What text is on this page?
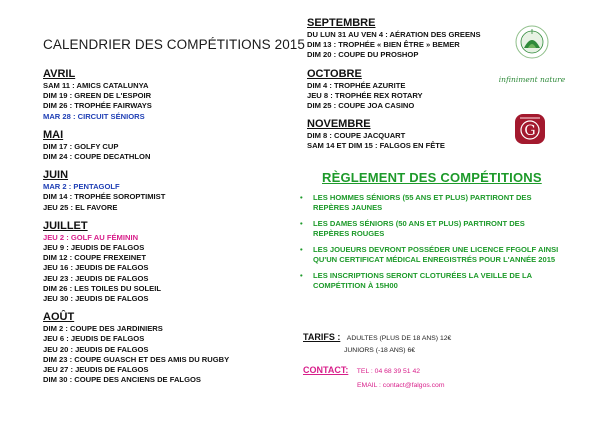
CALENDRIER DES COMPÉTITIONS 2015
AVRIL
SAM 11 : AMICS CATALUNYA
DIM 19 : GREEN DE L'ESPOIR
DIM 26 : TROPHÉE FAIRWAYS
MAR 28 : CIRCUIT SÉNIORS
MAI
DIM 17 : GOLFY CUP
DIM 24 : COUPE DECATHLON
JUIN
MAR 2 : PENTAGOLF
DIM 14 : TROPHÉE SOROPTIMIST
JEU 25 : EL FAVORE
JUILLET
JEU 2 : GOLF AU FÉMININ
JEU 9 : JEUDIS DE FALGOS
DIM 12 : COUPE FREXEINET
JEU 16 : JEUDIS DE FALGOS
JEU 23 : JEUDIS DE FALGOS
DIM 26 : LES TOILES DU SOLEIL
JEU 30 : JEUDIS DE FALGOS
AOÛT
DIM 2 : COUPE DES JARDINIERS
JEU 6 : JEUDIS DE FALGOS
JEU 20 : JEUDIS DE FALGOS
DIM 23 : COUPE GUASCH ET DES AMIS DU RUGBY
JEU 27 : JEUDIS DE FALGOS
DIM 30 : COUPE DES ANCIENS DE FALGOS
SEPTEMBRE
DU LUN 31 AU VEN 4 : AÉRATION DES GREENS
DIM 13 : TROPHÉE « BIEN ÊTRE » BEMER
DIM 20 : COUPE DU PROSHOP
OCTOBRE
DIM 4 : TROPHÉE AZURITE
JEU 8 : TROPHÉE REX ROTARY
DIM 25 : COUPE JOA CASINO
NOVEMBRE
DIM 8 : COUPE JACQUART
SAM 14 ET DIM 15 : FALGOS EN FÊTE
infiniment nature
G
RÈGLEMENT DES COMPÉTITIONS
• LES HOMMES SÉNIORS (55 ANS ET PLUS) PARTIRONT DES REPÈRES JAUNES
• LES DAMES SÉNIORS (50 ANS ET PLUS) PARTIRONT DES REPÈRES ROUGES
• LES JOUEURS DEVRONT POSSÉDER UNE LICENCE FFGOLF AINSI QU'UN CERTIFICAT MÉDICAL ENREGISTRÉS POUR L'ANNÉE 2015
• LES INSCRIPTIONS SERONT CLOTURÉES LA VEILLE DE LA COMPÉTITION À 15H00
TARIFS : ADULTES (PLUS DE 18 ANS) 12€
JUNIORS (-18 ANS) 6€
CONTACT: TEL : 04 68 39 51 42
EMAIL : contact@falgos.com
